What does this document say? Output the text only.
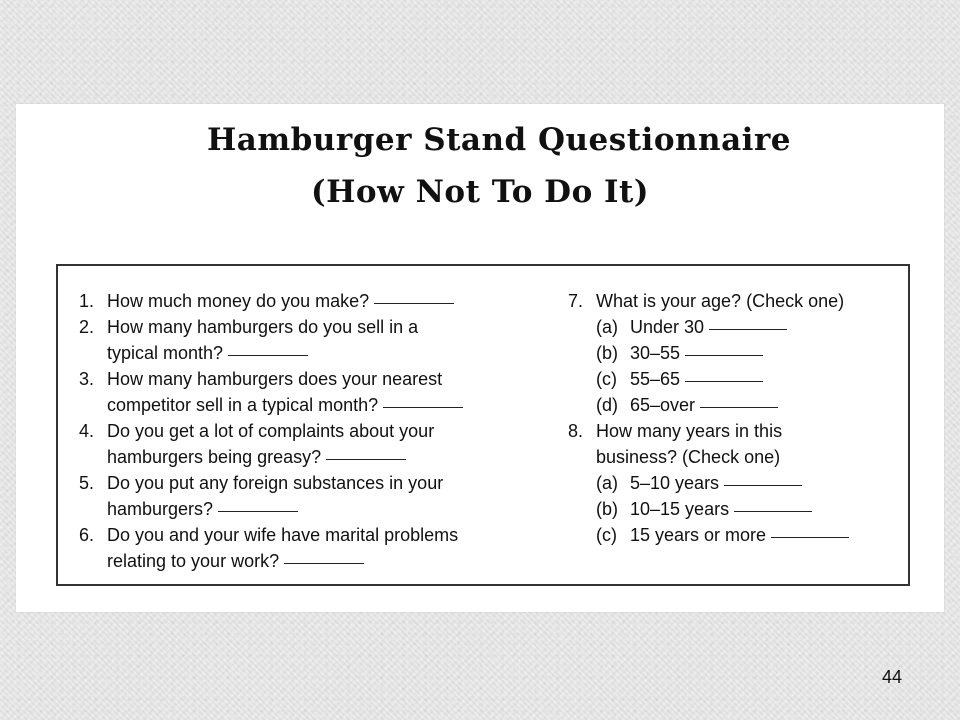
Hamburger Stand Questionnaire
(How Not To Do It)
1. How much money do you make?
2. How many hamburgers do you sell in a
typical month?
3. How many hamburgers does your nearest
competitor sell in a typical month?
4. Do you get a lot of complaints about your
hamburgers being greasy?
5. Do you put any foreign substances in your
hamburgers?
6. Do you and your wife have marital problems
relating to your work?
7. What is your age? (Check one)
(a) Under 30
(b) 30–55
(c) 55–65
(d) 65–over
8. How many years in this
business? (Check one)
(a) 5–10 years
(b) 10–15 years
(c) 15 years or more
44
